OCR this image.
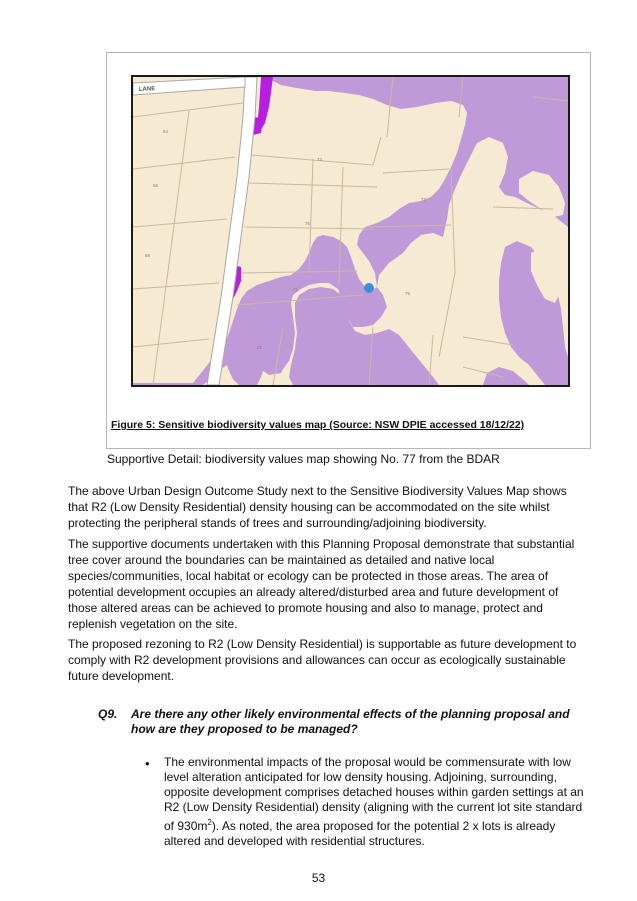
LANE
64
65
66
73
77
76
71
75
21
Figure 5: Sensitive biodiversity values map (Source: NSW DPIE accessed 18/12/22)
Supportive Detail: biodiversity values map showing No. 77 from the BDAR

The above Urban Design Outcome Study next to the Sensitive Biodiversity Values Map shows that R2 (Low Density Residential) density housing can be accommodated on the site whilst protecting the peripheral stands of trees and surrounding/adjoining biodiversity.

The supportive documents undertaken with this Planning Proposal demonstrate that substantial tree cover around the boundaries can be maintained as detailed and native local species/communities, local habitat or ecology can be protected in those areas. The area of potential development occupies an already altered/disturbed area and future development of those altered areas can be achieved to promote housing and also to manage, protect and replenish vegetation on the site.

The proposed rezoning to R2 (Low Density Residential) is supportable as future development to comply with R2 development provisions and allowances can occur as ecologically sustainable future development.

Q9. Are there any other likely environmental effects of the planning proposal and how are they proposed to be managed?

• The environmental impacts of the proposal would be commensurate with low level alteration anticipated for low density housing. Adjoining, surrounding, opposite development comprises detached houses within garden settings at an R2 (Low Density Residential) density (aligning with the current lot site standard of $930m^2$). As noted, the area proposed for the potential 2 x lots is already altered and developed with residential structures.

53
